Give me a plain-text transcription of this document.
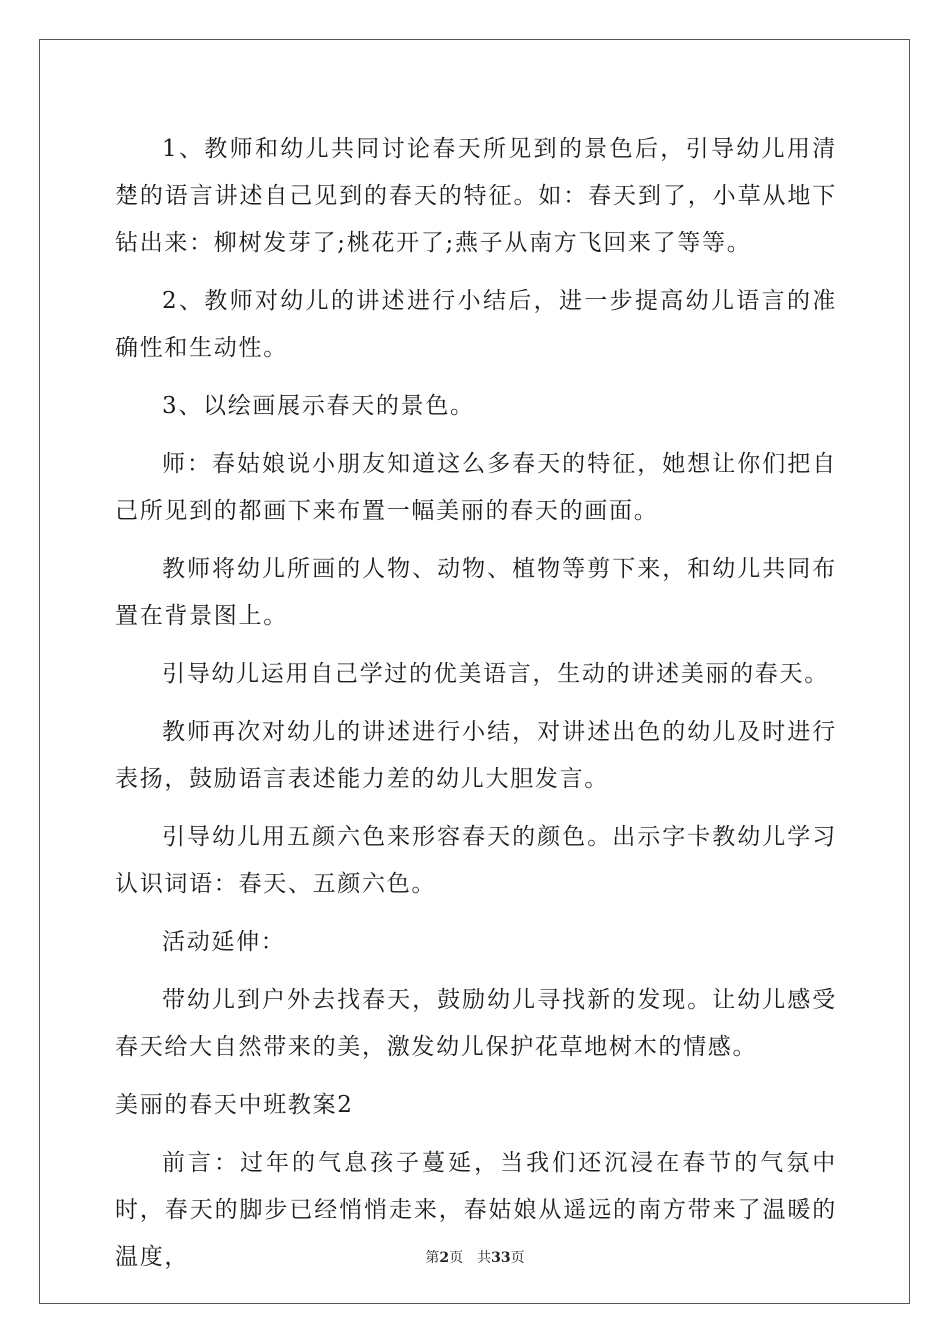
1、教师和幼儿共同讨论春天所见到的景色后，引导幼儿用清楚的语言讲述自己见到的春天的特征。如：春天到了，小草从地下钻出来：柳树发芽了;桃花开了;燕子从南方飞回来了等等。

2、教师对幼儿的讲述进行小结后，进一步提高幼儿语言的准确性和生动性。

3、以绘画展示春天的景色。

师：春姑娘说小朋友知道这么多春天的特征，她想让你们把自己所见到的都画下来布置一幅美丽的春天的画面。

教师将幼儿所画的人物、动物、植物等剪下来，和幼儿共同布置在背景图上。

引导幼儿运用自己学过的优美语言，生动的讲述美丽的春天。

教师再次对幼儿的讲述进行小结，对讲述出色的幼儿及时进行表扬，鼓励语言表述能力差的幼儿大胆发言。

引导幼儿用五颜六色来形容春天的颜色。出示字卡教幼儿学习认识词语：春天、五颜六色。

活动延伸：

带幼儿到户外去找春天，鼓励幼儿寻找新的发现。让幼儿感受春天给大自然带来的美，激发幼儿保护花草地树木的情感。

美丽的春天中班教案2

前言：过年的气息孩子蔓延，当我们还沉浸在春节的气氛中时，春天的脚步已经悄悄走来，春姑娘从遥远的南方带来了温暖的温度，	第2页 共33页
